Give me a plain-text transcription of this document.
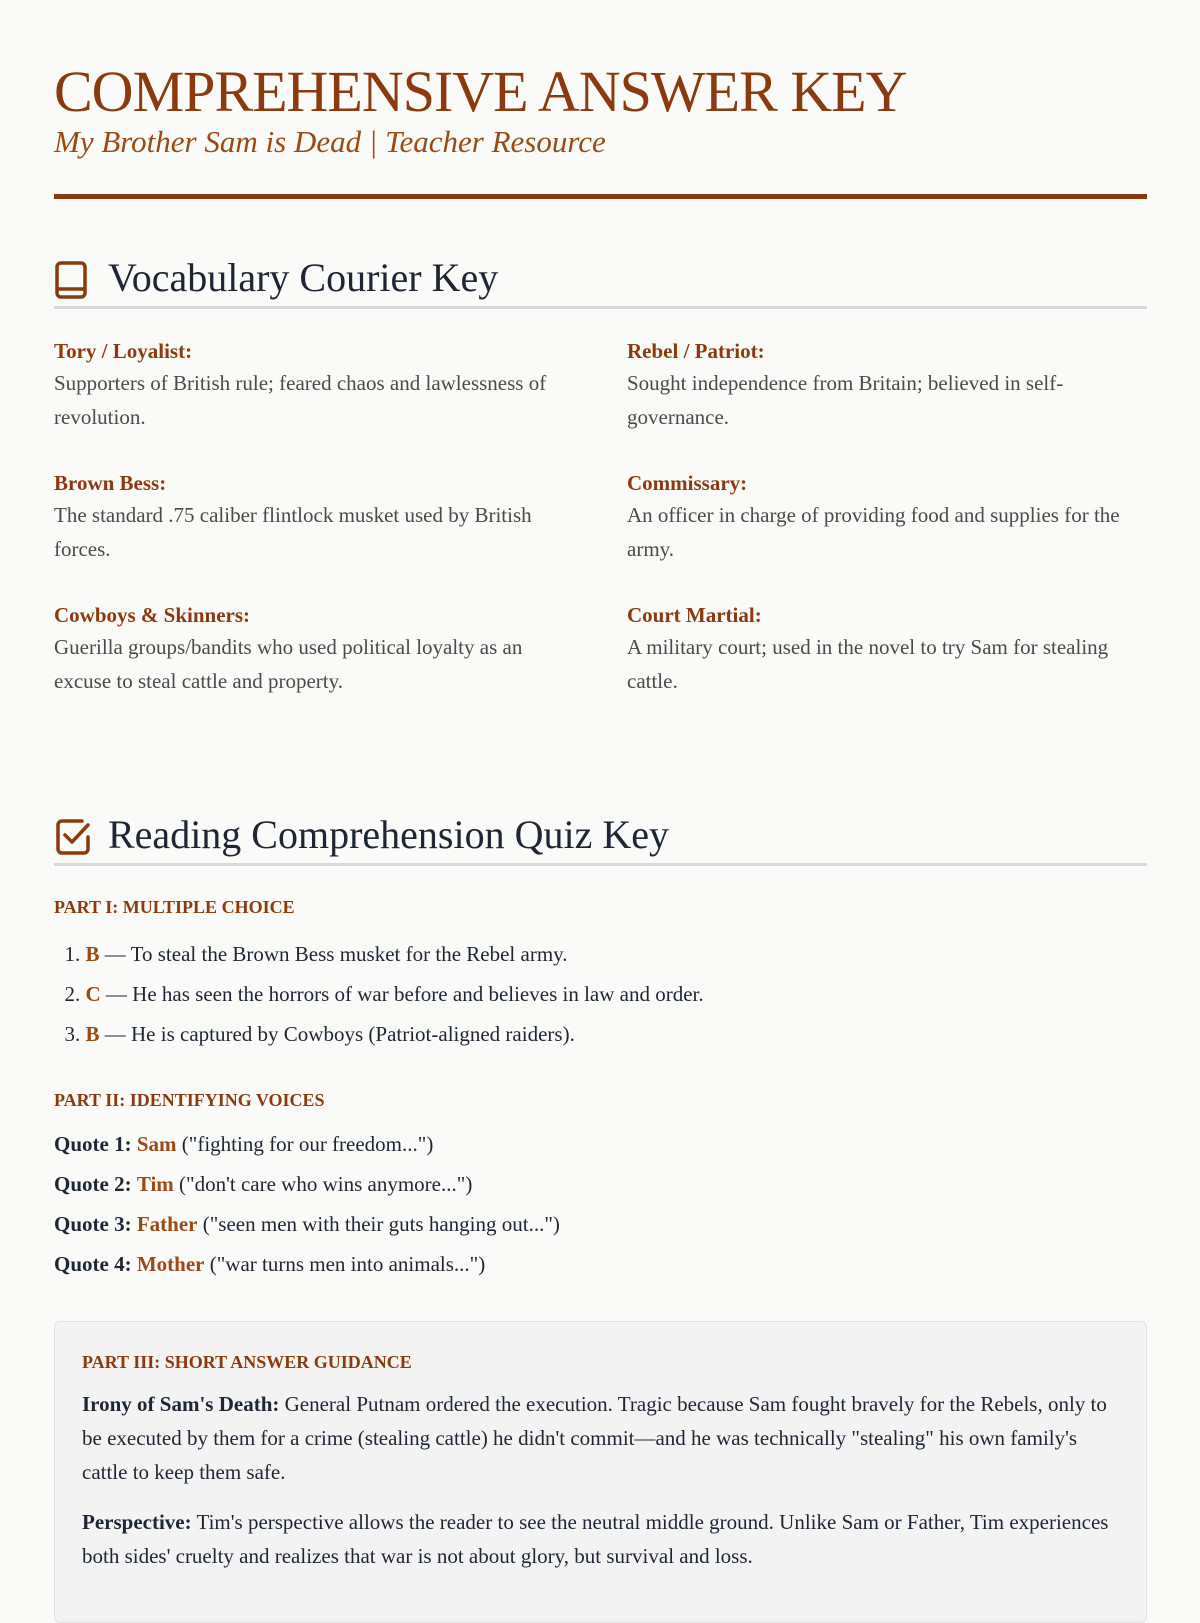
COMPREHENSIVE ANSWER KEY
My Brother Sam is Dead | Teacher Resource
Vocabulary Courier Key
Tory / Loyalist:
Supporters of British rule; feared chaos and lawlessness of revolution.
Rebel / Patriot:
Sought independence from Britain; believed in self-governance.
Brown Bess:
The standard .75 caliber flintlock musket used by British forces.
Commissary:
An officer in charge of providing food and supplies for the army.
Cowboys & Skinners:
Guerilla groups/bandits who used political loyalty as an excuse to steal cattle and property.
Court Martial:
A military court; used in the novel to try Sam for stealing cattle.
Reading Comprehension Quiz Key
PART I: MULTIPLE CHOICE
1. B — To steal the Brown Bess musket for the Rebel army.
2. C — He has seen the horrors of war before and believes in law and order.
3. B — He is captured by Cowboys (Patriot-aligned raiders).
PART II: IDENTIFYING VOICES
Quote 1: Sam ("fighting for our freedom...")
Quote 2: Tim ("don't care who wins anymore...")
Quote 3: Father ("seen men with their guts hanging out...")
Quote 4: Mother ("war turns men into animals...")
PART III: SHORT ANSWER GUIDANCE

Irony of Sam's Death: General Putnam ordered the execution. Tragic because Sam fought bravely for the Rebels, only to be executed by them for a crime (stealing cattle) he didn't commit—and he was technically "stealing" his own family's cattle to keep them safe.

Perspective: Tim's perspective allows the reader to see the neutral middle ground. Unlike Sam or Father, Tim experiences both sides' cruelty and realizes that war is not about glory, but survival and loss.
